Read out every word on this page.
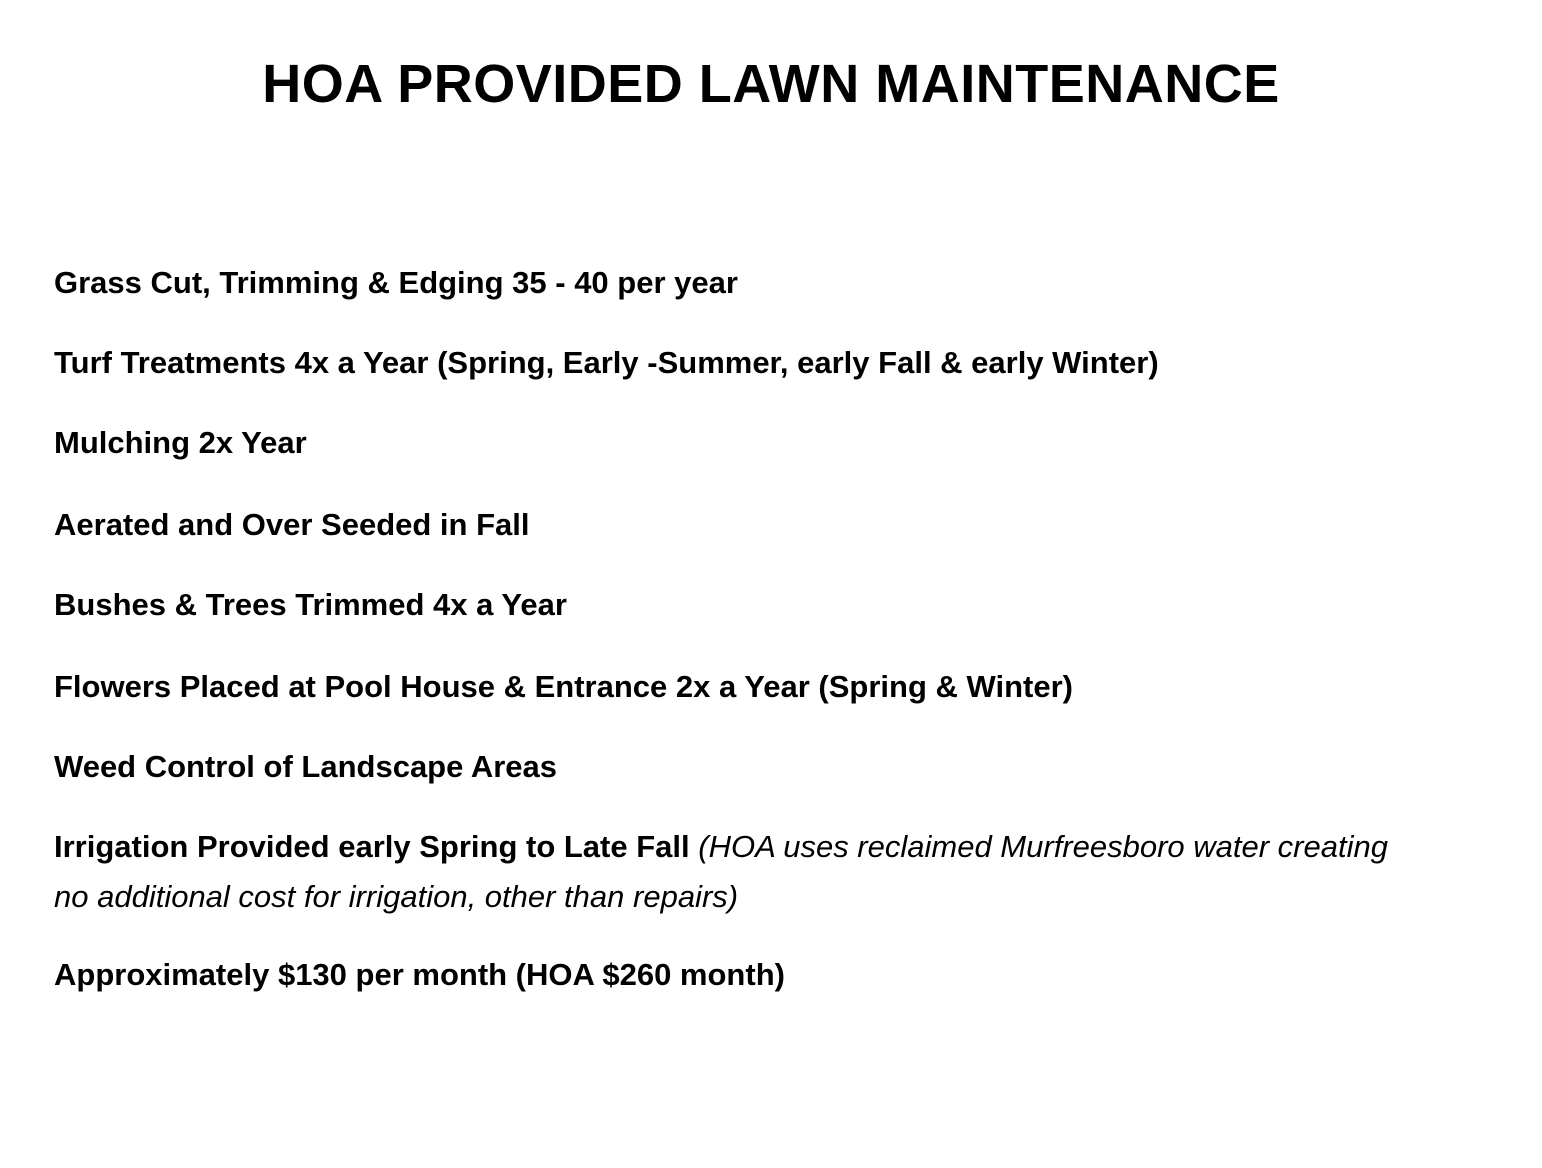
HOA PROVIDED LAWN MAINTENANCE

Grass Cut, Trimming & Edging 35 - 40 per year

Turf Treatments 4x a Year (Spring, Early -Summer, early Fall & early Winter)

Mulching 2x Year

Aerated and Over Seeded in Fall

Bushes & Trees Trimmed 4x a Year

Flowers Placed at Pool House & Entrance 2x a Year (Spring & Winter)

Weed Control of Landscape Areas

Irrigation Provided early Spring to Late Fall (HOA uses reclaimed Murfreesboro water creating no additional cost for irrigation, other than repairs)

Approximately $130 per month (HOA $260 month)
